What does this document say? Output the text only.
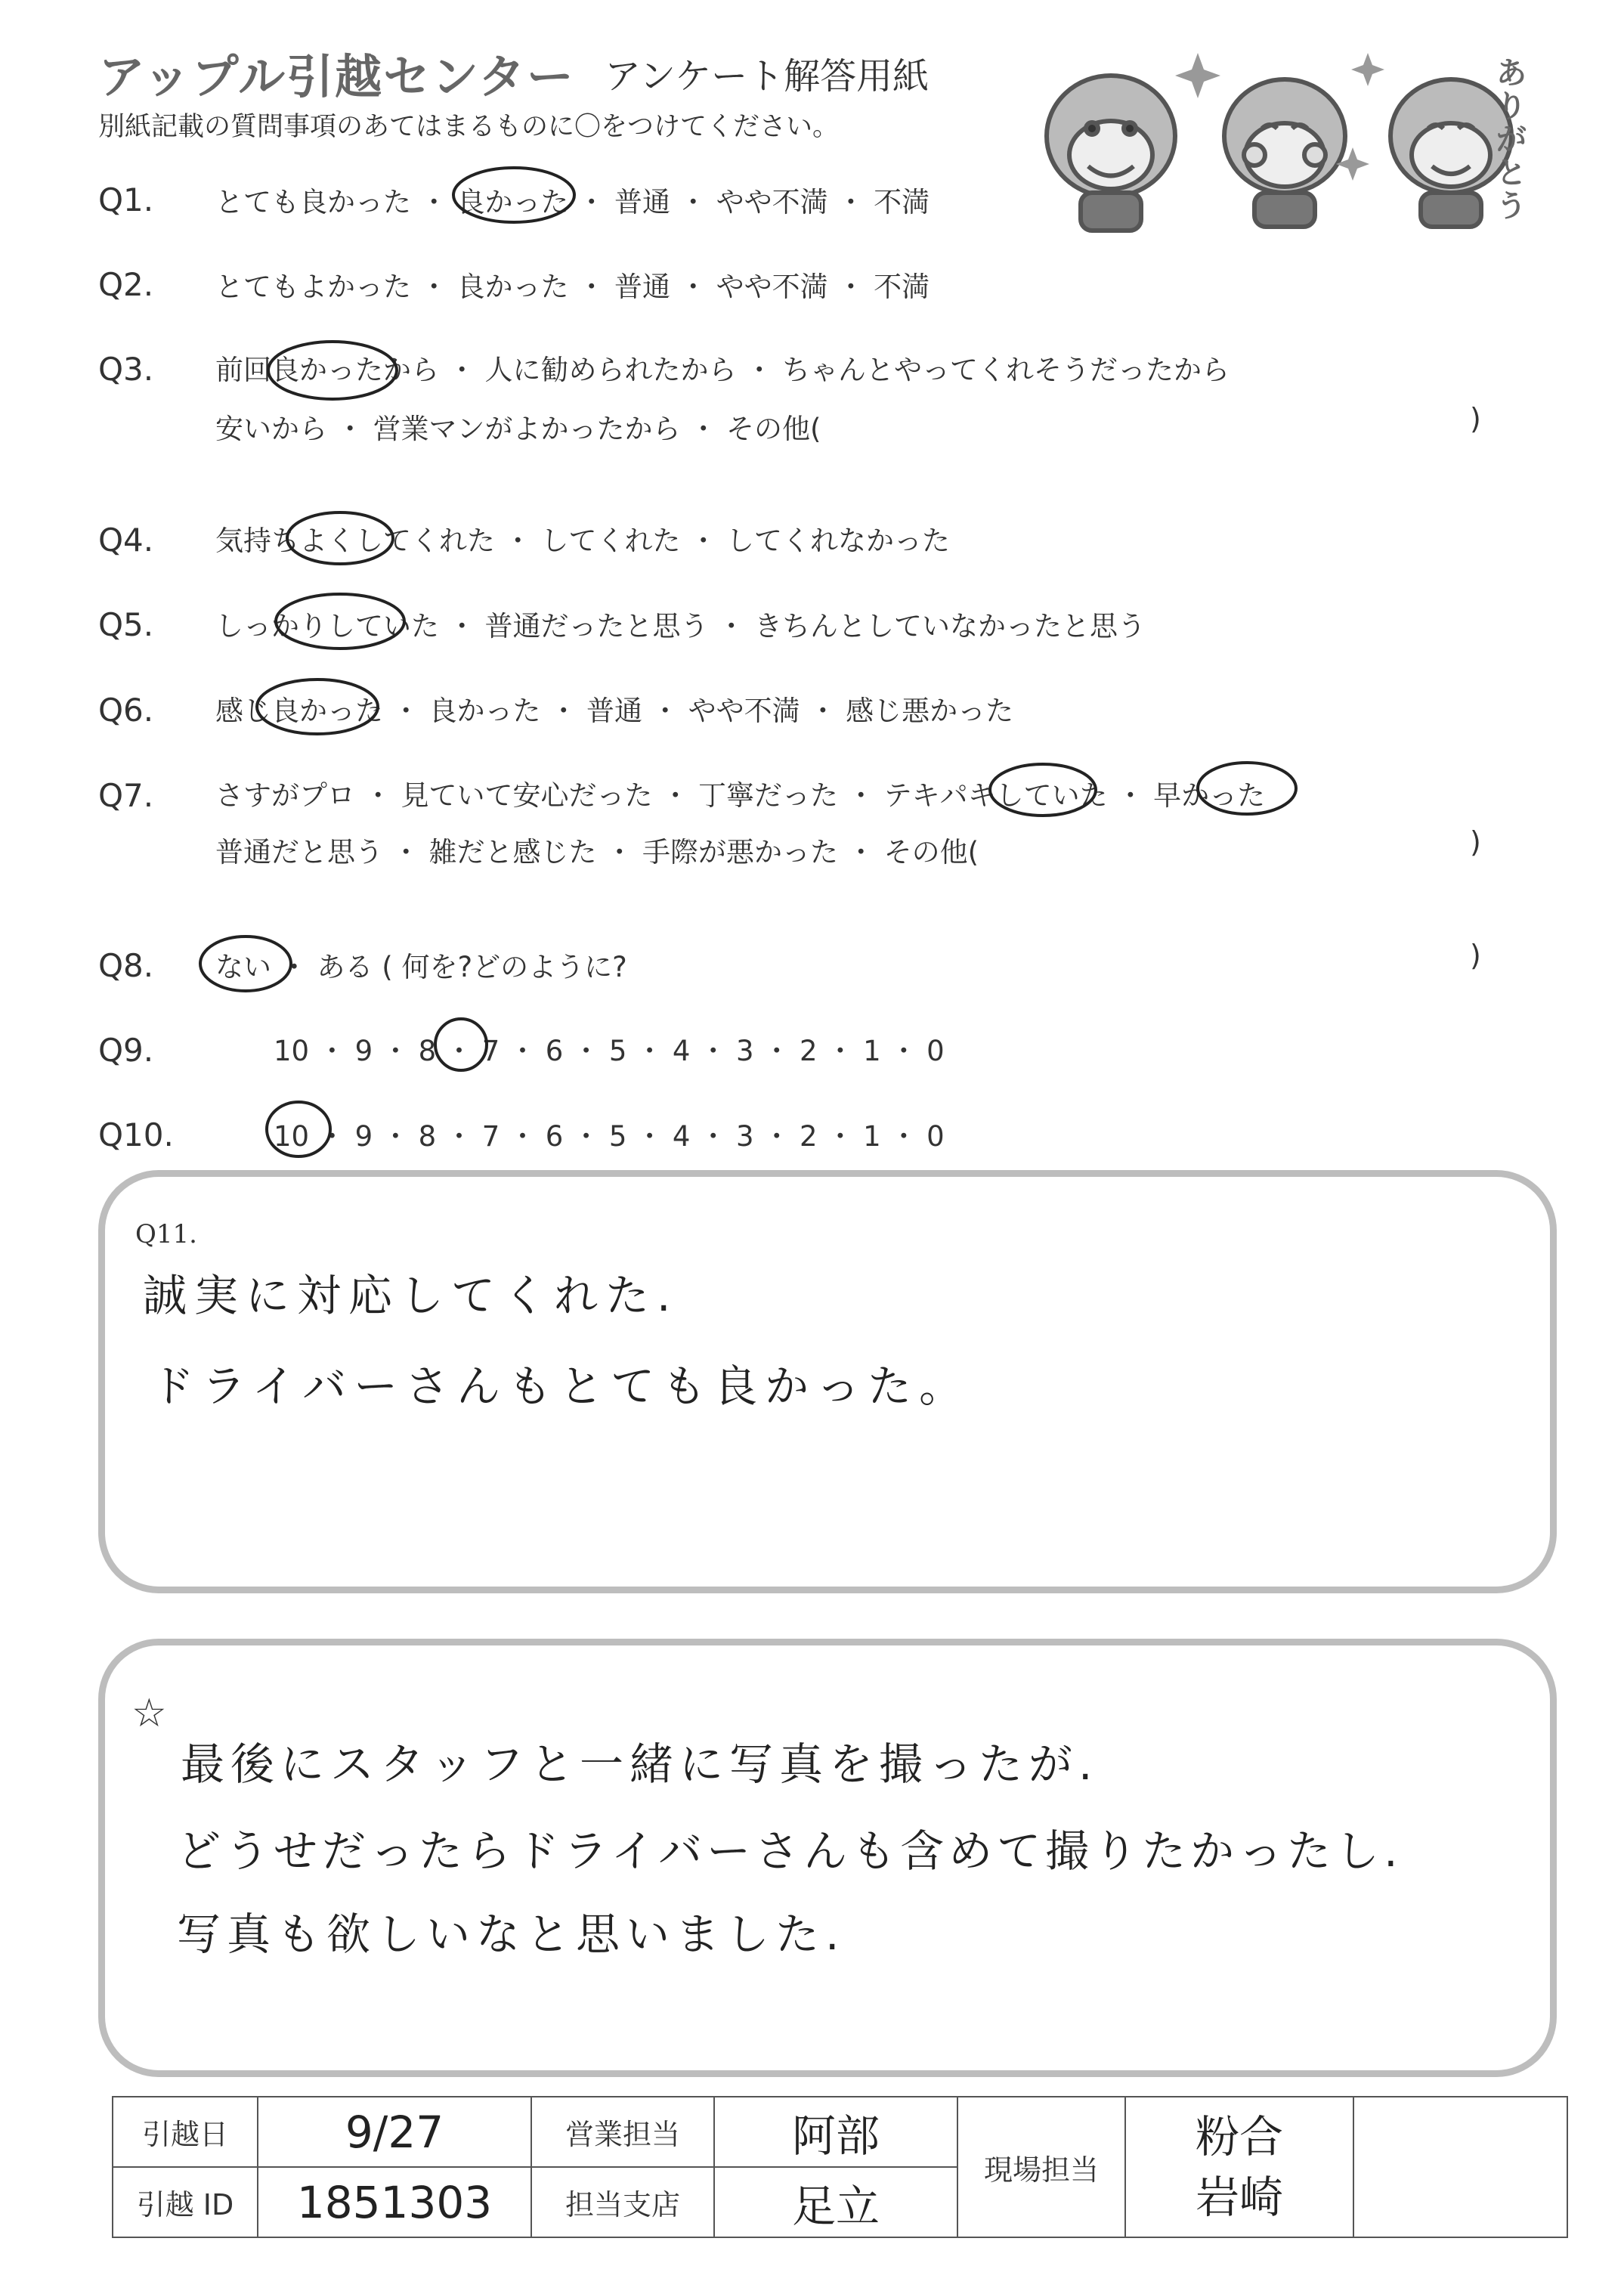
アップル引越センター アンケート解答用紙
別紙記載の質問事項のあてはまるものに〇をつけてください。
ありがとう
Q1. とても良かった ・ 良かった ・ 普通 ・ やや不満 ・ 不満
Q2. とてもよかった ・ 良かった ・ 普通 ・ やや不満 ・ 不満
Q3. 前回良かったから ・ 人に勧められたから ・ ちゃんとやってくれそうだったから
安いから ・ 営業マンがよかったから ・ その他(	)
Q4. 気持ちよくしてくれた ・ してくれた ・ してくれなかった
Q5. しっかりしていた ・ 普通だったと思う ・ きちんとしていなかったと思う
Q6. 感じ良かった ・ 良かった ・ 普通 ・ やや不満 ・ 感じ悪かった
Q7. さすがプロ ・ 見ていて安心だった ・ 丁寧だった ・ テキパキしていた ・ 早かった
普通だと思う ・ 雑だと感じた ・ 手際が悪かった ・ その他(	)
Q8. ない ・ ある ( 何を?どのように?	)
Q9.	10 ・ 9 ・ 8 ・ 7 ・ 6 ・ 5 ・ 4 ・ 3 ・ 2 ・ 1 ・ 0
Q10.	10 ・ 9 ・ 8 ・ 7 ・ 6 ・ 5 ・ 4 ・ 3 ・ 2 ・ 1 ・ 0
Q11.
誠実に対応してくれた.
ドライバーさんもとても良かった。
☆
最後にスタッフと一緒に写真を撮ったが.
どうせだったらドライバーさんも含めて撮りたかったし.
写真も欲しいなと思いました.
引越日	9/27	営業担当	阿部	現場担当	粉合
岩崎	

引越 ID	1851303	担当支店	足立			
